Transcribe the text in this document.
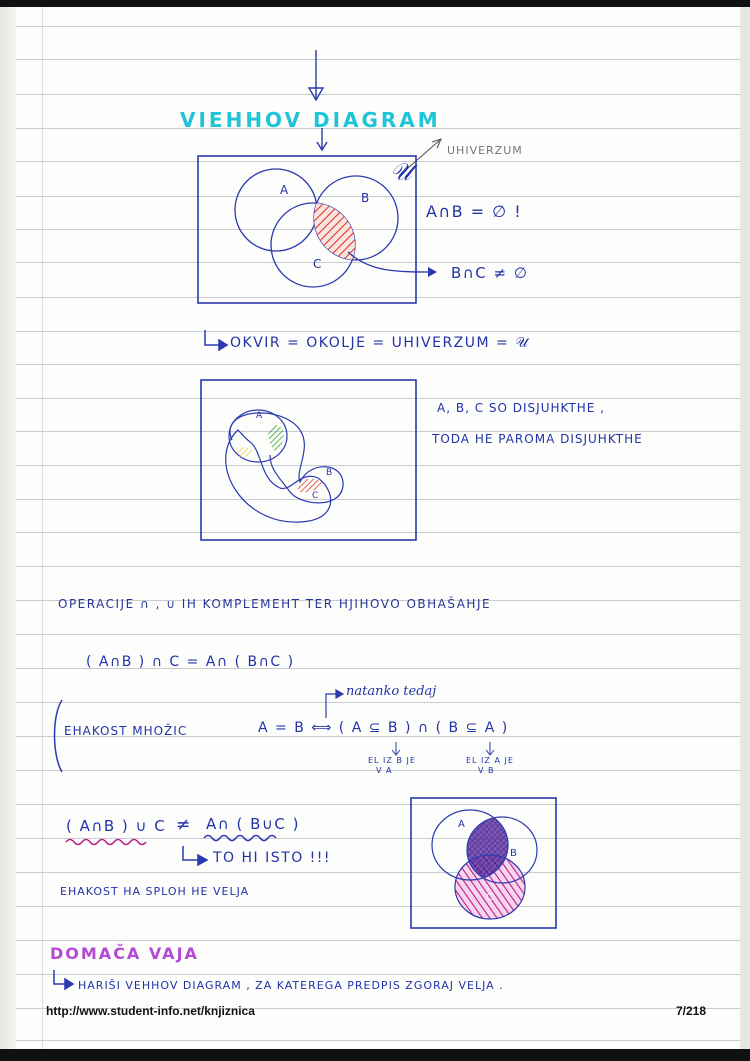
VIEHHOV DIAGRAM
UHIVERZUM
𝒰
A
B
C
A∩B = ∅ !
B∩C ≠ ∅
OKVIR = OKOLJE = UHIVERZUM = 𝒰
A
B
C
A, B, C SO DISJUHKTHE ,
TODA HE PAROMA DISJUHKTHE
OPERACIJE ∩ , ∪ IH KOMPLEMEHT TER HJIHOVO OBHAŠAHJE
( A∩B ) ∩ C = A∩ ( B∩C )
natanko tedaj
EHAKOST MHOŽIC	A = B ⟺ ( A ⊆ B ) ∩ ( B ⊆ A )
EL IZ B JE
V A
EL IZ A JE
V B
( A∩B ) ∪ C ≠ A∩ ( B∪C )
TO HI ISTO !!!
EHAKOST HA SPLOH HE VELJA
A
B
C
DOMAČA VAJA
HARIŠI VEHHOV DIAGRAM , ZA KATEREGA PREDPIS ZGORAJ VELJA .
http://www.student-info.net/knjiznica	7/218
